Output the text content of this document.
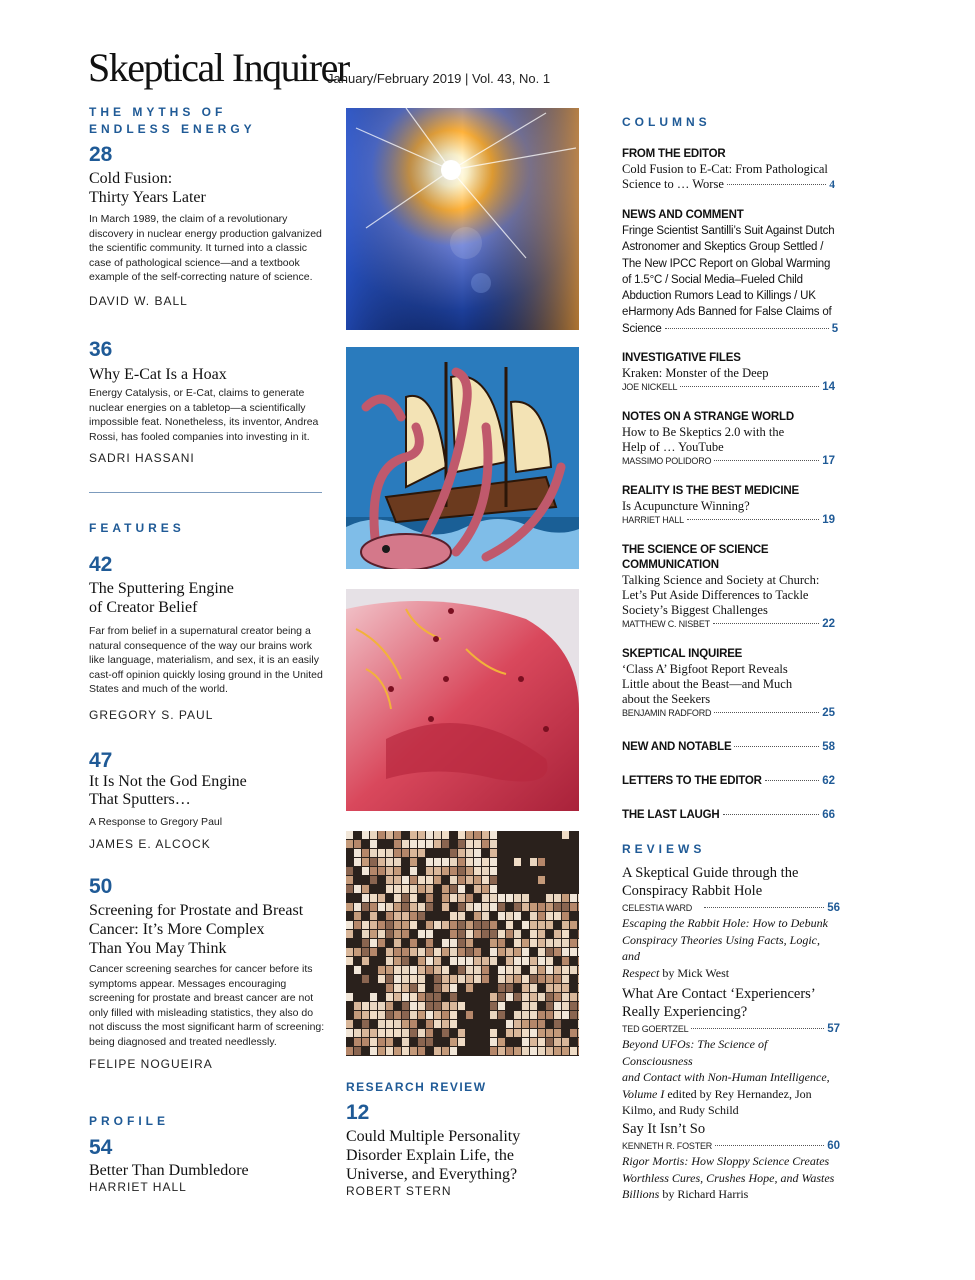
Skeptical Inquirer
January/February 2019 | Vol. 43, No. 1
THE MYTHS OF
ENDLESS ENERGY
28
Cold Fusion:
Thirty Years Later
In March 1989, the claim of a revolutionary discovery in nuclear energy production galvanized the scientific community. It turned into a classic case of pathological science—and a textbook example of the self-correcting nature of science.
DAVID W. BALL
36
Why E-Cat Is a Hoax
Energy Catalysis, or E-Cat, claims to generate nuclear energies on a tabletop—a scientifically impossible feat. Nonetheless, its inventor, Andrea Rossi, has fooled companies into investing in it.
SADRI HASSANI
FEATURES
42
The Sputtering Engine
of Creator Belief
Far from belief in a supernatural creator being a natural consequence of the way our brains work like language, materialism, and sex, it is an easily cast-off opinion quickly losing ground in the United States and much of the world.
GREGORY S. PAUL
47
It Is Not the God Engine
That Sputters…
A Response to Gregory Paul
JAMES E. ALCOCK
50
Screening for Prostate and Breast
Cancer: It’s More Complex
Than You May Think
Cancer screening searches for cancer before its symptoms appear. Messages encouraging screening for prostate and breast cancer are not only filled with misleading statistics, they also do not discuss the most significant harm of screening: being diagnosed and treated needlessly.
FELIPE NOGUEIRA
PROFILE
54
Better Than Dumbledore
HARRIET HALL
RESEARCH REVIEW
12
Could Multiple Personality
Disorder Explain Life, the
Universe, and Everything?
ROBERT STERN
COLUMNS
FROM THE EDITOR
Cold Fusion to E-Cat: From Pathological
Science to … Worse	4
NEWS AND COMMENT
Fringe Scientist Santilli’s Suit Against Dutch Astronomer and Skeptics Group Settled / The New IPCC Report on Global Warming of 1.5°C / Social Media–Fueled Child Abduction Rumors Lead to Killings / UK eHarmony Ads Banned for False Claims of
Science	5
INVESTIGATIVE FILES
Kraken: Monster of the Deep
JOE NICKELL	14
NOTES ON A STRANGE WORLD
How to Be Skeptics 2.0 with the
Help of … YouTube
MASSIMO POLIDORO	17
REALITY IS THE BEST MEDICINE
Is Acupuncture Winning?
HARRIET HALL	19
THE SCIENCE OF SCIENCE
COMMUNICATION
Talking Science and Society at Church:
Let’s Put Aside Differences to Tackle
Society’s Biggest Challenges
MATTHEW C. NISBET	22
SKEPTICAL INQUIREE
‘Class A’ Bigfoot Report Reveals
Little about the Beast—and Much
about the Seekers
BENJAMIN RADFORD	25
NEW AND NOTABLE	58
LETTERS TO THE EDITOR	62
THE LAST LAUGH	66
REVIEWS
A Skeptical Guide through the
Conspiracy Rabbit Hole
CELESTIA WARD	56
Escaping the Rabbit Hole: How to Debunk
Conspiracy Theories Using Facts, Logic, and
Respect by Mick West
What Are Contact ‘Experiencers’
Really Experiencing?
TED GOERTZEL	57
Beyond UFOs: The Science of Consciousness
and Contact with Non-Human Intelligence,
Volume I edited by Rey Hernandez, Jon
Kilmo, and Rudy Schild
Say It Isn’t So
KENNETH R. FOSTER	60
Rigor Mortis: How Sloppy Science Creates
Worthless Cures, Crushes Hope, and Wastes
Billions by Richard Harris
